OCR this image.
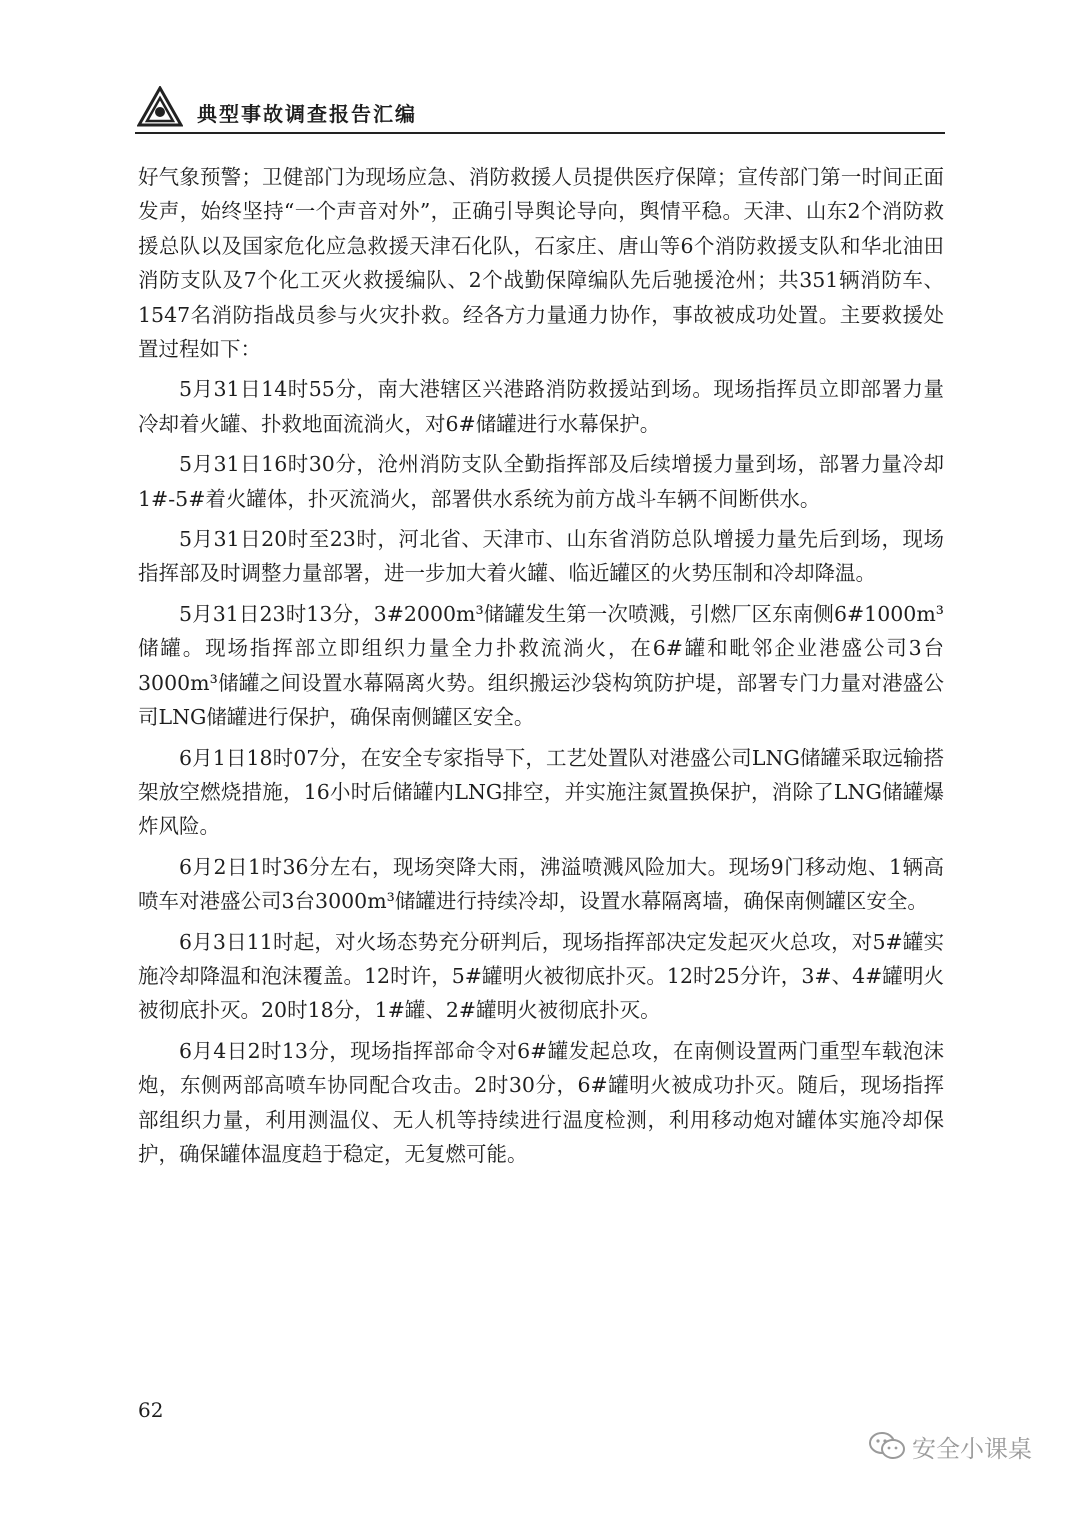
典型事故调查报告汇编

好气象预警；卫健部门为现场应急、消防救援人员提供医疗保障；宣传部门第一时间正面发声，始终坚持“一个声音对外”，正确引导舆论导向，舆情平稳。天津、山东2个消防救援总队以及国家危化应急救援天津石化队，石家庄、唐山等6个消防救援支队和华北油田消防支队及7个化工灭火救援编队、2个战勤保障编队先后驰援沧州；共351辆消防车、1547名消防指战员参与火灾扑救。经各方力量通力协作，事故被成功处置。主要救援处置过程如下：

5月31日14时55分，南大港辖区兴港路消防救援站到场。现场指挥员立即部署力量冷却着火罐、扑救地面流淌火，对6#储罐进行水幕保护。

5月31日16时30分，沧州消防支队全勤指挥部及后续增援力量到场，部署力量冷却1#-5#着火罐体，扑灭流淌火，部署供水系统为前方战斗车辆不间断供水。

5月31日20时至23时，河北省、天津市、山东省消防总队增援力量先后到场，现场指挥部及时调整力量部署，进一步加大着火罐、临近罐区的火势压制和冷却降温。

5月31日23时13分，3#2000m³储罐发生第一次喷溅，引燃厂区东南侧6#1000m³储罐。现场指挥部立即组织力量全力扑救流淌火，在6#罐和毗邻企业港盛公司3台3000m³储罐之间设置水幕隔离火势。组织搬运沙袋构筑防护堤，部署专门力量对港盛公司LNG储罐进行保护，确保南侧罐区安全。

6月1日18时07分，在安全专家指导下，工艺处置队对港盛公司LNG储罐采取远输搭架放空燃烧措施，16小时后储罐内LNG排空，并实施注氮置换保护，消除了LNG储罐爆炸风险。

6月2日1时36分左右，现场突降大雨，沸溢喷溅风险加大。现场9门移动炮、1辆高喷车对港盛公司3台3000m³储罐进行持续冷却，设置水幕隔离墙，确保南侧罐区安全。

6月3日11时起，对火场态势充分研判后，现场指挥部决定发起灭火总攻，对5#罐实施冷却降温和泡沫覆盖。12时许，5#罐明火被彻底扑灭。12时25分许，3#、4#罐明火被彻底扑灭。20时18分，1#罐、2#罐明火被彻底扑灭。

6月4日2时13分，现场指挥部命令对6#罐发起总攻，在南侧设置两门重型车载泡沫炮，东侧两部高喷车协同配合攻击。2时30分，6#罐明火被成功扑灭。随后，现场指挥部组织力量，利用测温仪、无人机等持续进行温度检测，利用移动炮对罐体实施冷却保护，确保罐体温度趋于稳定，无复燃可能。

62
安全小课桌
